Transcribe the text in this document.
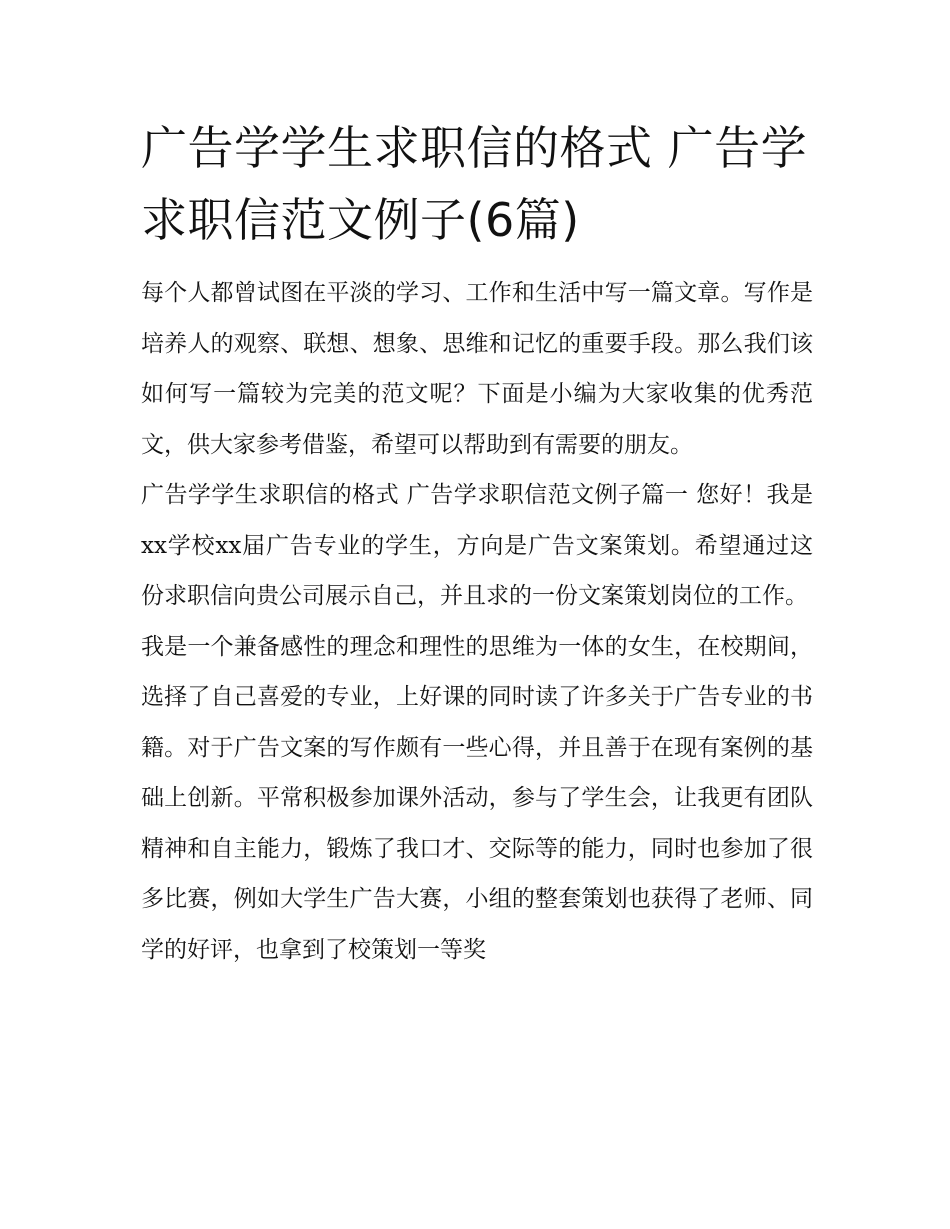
广告学学生求职信的格式 广告学求职信范文例子(6篇)

每个人都曾试图在平淡的学习、工作和生活中写一篇文章。写作是培养人的观察、联想、想象、思维和记忆的重要手段。那么我们该如何写一篇较为完美的范文呢？下面是小编为大家收集的优秀范文，供大家参考借鉴，希望可以帮助到有需要的朋友。

广告学学生求职信的格式 广告学求职信范文例子篇一 您好！我是xx学校xx届广告专业的学生，方向是广告文案策划。希望通过这份求职信向贵公司展示自己，并且求的一份文案策划岗位的工作。

我是一个兼备感性的理念和理性的思维为一体的女生，在校期间，选择了自己喜爱的专业，上好课的同时读了许多关于广告专业的书籍。对于广告文案的写作颇有一些心得，并且善于在现有案例的基础上创新。平常积极参加课外活动，参与了学生会，让我更有团队精神和自主能力，锻炼了我口才、交际等的能力，同时也参加了很多比赛，例如大学生广告大赛，小组的整套策划也获得了老师、同学的好评，也拿到了校策划一等奖
